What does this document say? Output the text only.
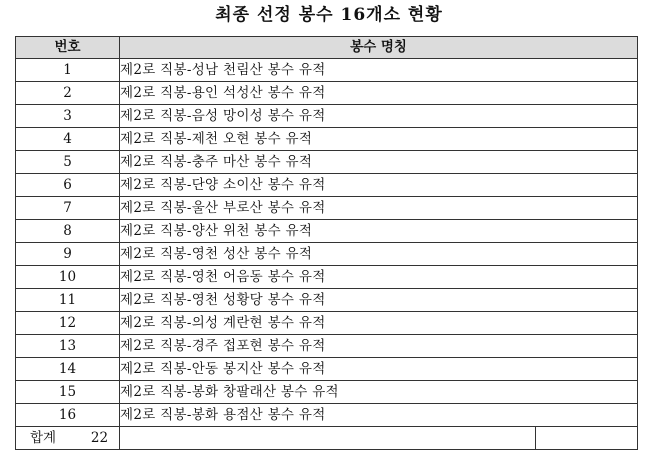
최종 선정 봉수 16개소 현황
번호	봉수 명칭	
1	제2로 직봉-성남 천림산 봉수 유적	
2	제2로 직봉-용인 석성산 봉수 유적	
3	제2로 직봉-음성 망이성 봉수 유적	
4	제2로 직봉-제천 오현 봉수 유적	
5	제2로 직봉-충주 마산 봉수 유적	
6	제2로 직봉-단양 소이산 봉수 유적	
7	제2로 직봉-울산 부로산 봉수 유적	
8	제2로 직봉-양산 위천 봉수 유적	
9	제2로 직봉-영천 성산 봉수 유적	
10	제2로 직봉-영천 어음동 봉수 유적	
11	제2로 직봉-영천 성황당 봉수 유적	
12	제2로 직봉-의성 계란현 봉수 유적	
13	제2로 직봉-경주 접포현 봉수 유적	
14	제2로 직봉-안동 봉지산 봉수 유적	
15	제2로 직봉-봉화 창팔래산 봉수 유적	
16	제2로 직봉-봉화 용점산 봉수 유적	

합계 22		
